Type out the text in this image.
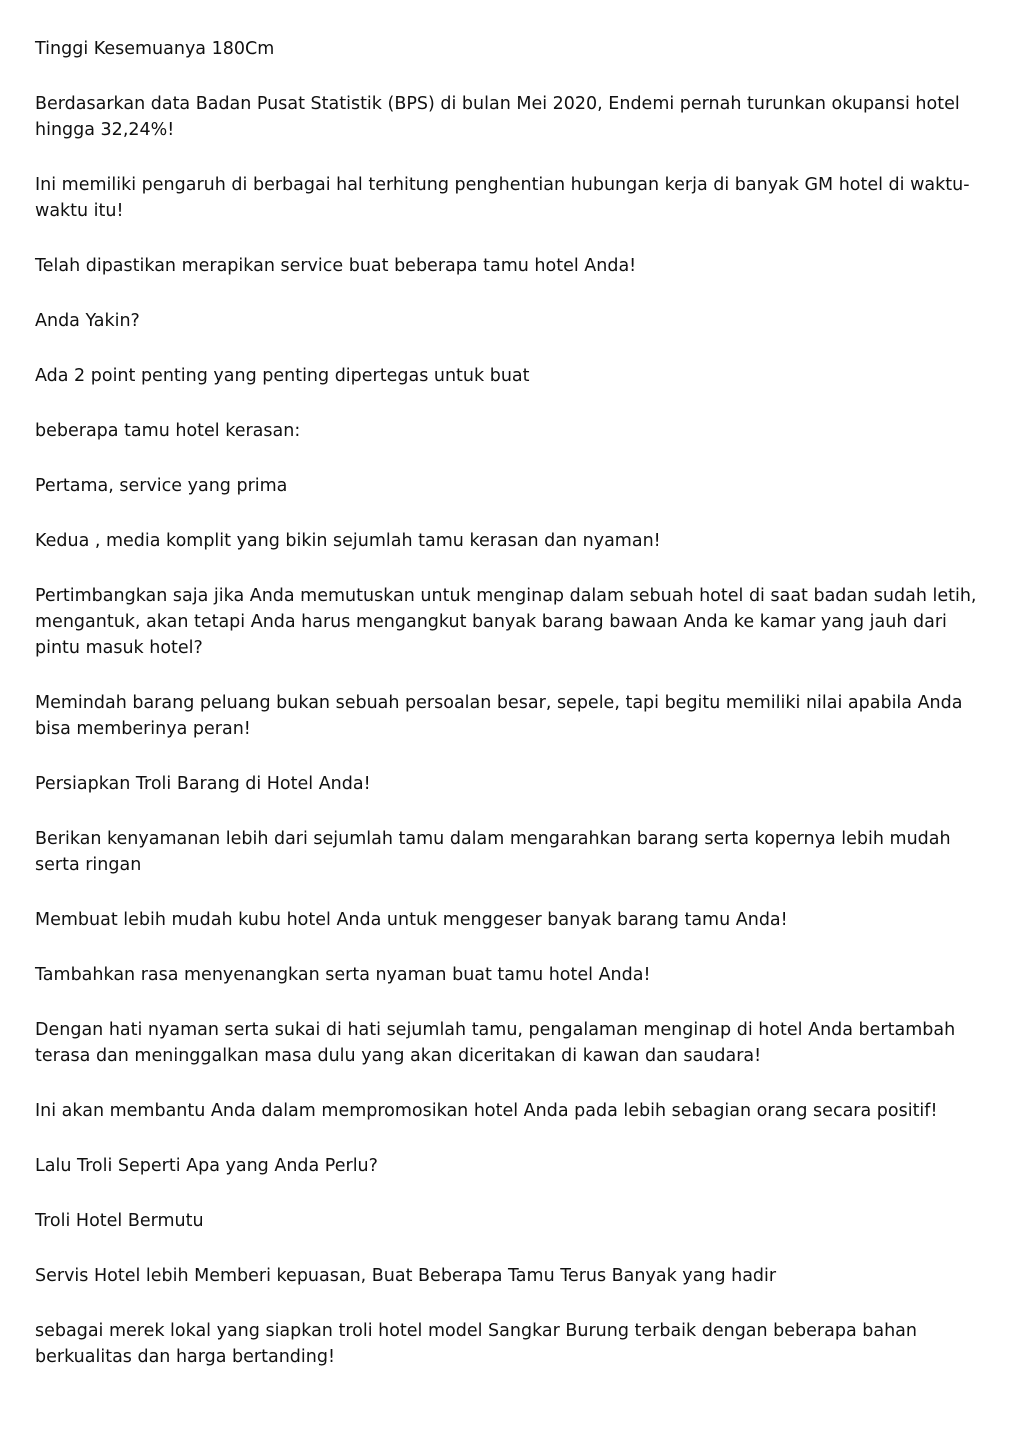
Tinggi Kesemuanya 180Cm

Berdasarkan data Badan Pusat Statistik (BPS) di bulan Mei 2020, Endemi pernah turunkan okupansi hotel hingga 32,24%!

Ini memiliki pengaruh di berbagai hal terhitung penghentian hubungan kerja di banyak GM hotel di waktu-waktu itu!

Telah dipastikan merapikan service buat beberapa tamu hotel Anda!

Anda Yakin?

Ada 2 point penting yang penting dipertegas untuk buat

beberapa tamu hotel kerasan:

Pertama, service yang prima

Kedua , media komplit yang bikin sejumlah tamu kerasan dan nyaman!

Pertimbangkan saja jika Anda memutuskan untuk menginap dalam sebuah hotel di saat badan sudah letih, mengantuk, akan tetapi Anda harus mengangkut banyak barang bawaan Anda ke kamar yang jauh dari pintu masuk hotel?

Memindah barang peluang bukan sebuah persoalan besar, sepele, tapi begitu memiliki nilai apabila Anda bisa memberinya peran!

Persiapkan Troli Barang di Hotel Anda!

Berikan kenyamanan lebih dari sejumlah tamu dalam mengarahkan barang serta kopernya lebih mudah serta ringan

Membuat lebih mudah kubu hotel Anda untuk menggeser banyak barang tamu Anda!

Tambahkan rasa menyenangkan serta nyaman buat tamu hotel Anda!

Dengan hati nyaman serta sukai di hati sejumlah tamu, pengalaman menginap di hotel Anda bertambah terasa dan meninggalkan masa dulu yang akan diceritakan di kawan dan saudara!

Ini akan membantu Anda dalam mempromosikan hotel Anda pada lebih sebagian orang secara positif!

Lalu Troli Seperti Apa yang Anda Perlu?

Troli Hotel Bermutu

Servis Hotel lebih Memberi kepuasan, Buat Beberapa Tamu Terus Banyak yang hadir

sebagai merek lokal yang siapkan troli hotel model Sangkar Burung terbaik dengan beberapa bahan berkualitas dan harga bertanding!
